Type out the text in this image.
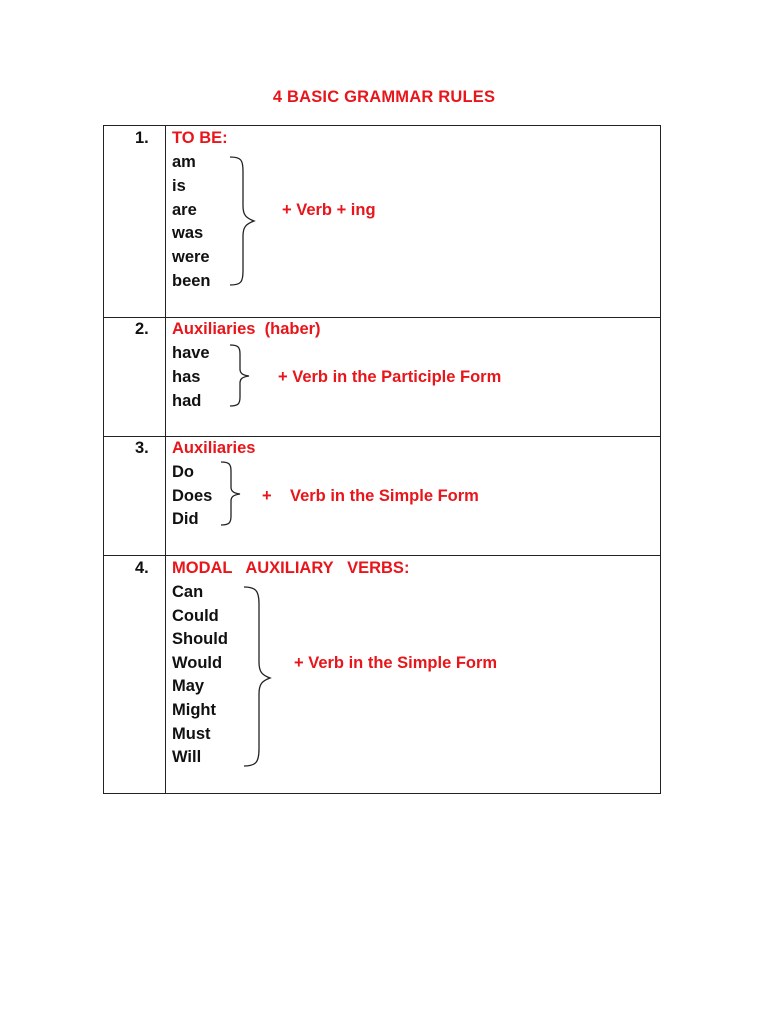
4 BASIC GRAMMAR RULES
1. TO BE:
am
is
are
was
were
been
+ Verb + ing
2. Auxiliaries  (haber)
have
has
had
+ Verb in the Participle Form
3. Auxiliaries
Do
Does
Did
+    Verb in the Simple Form
4. MODAL   AUXILIARY   VERBS:
Can
Could
Should
Would
May
Might
Must
Will
+ Verb in the Simple Form
